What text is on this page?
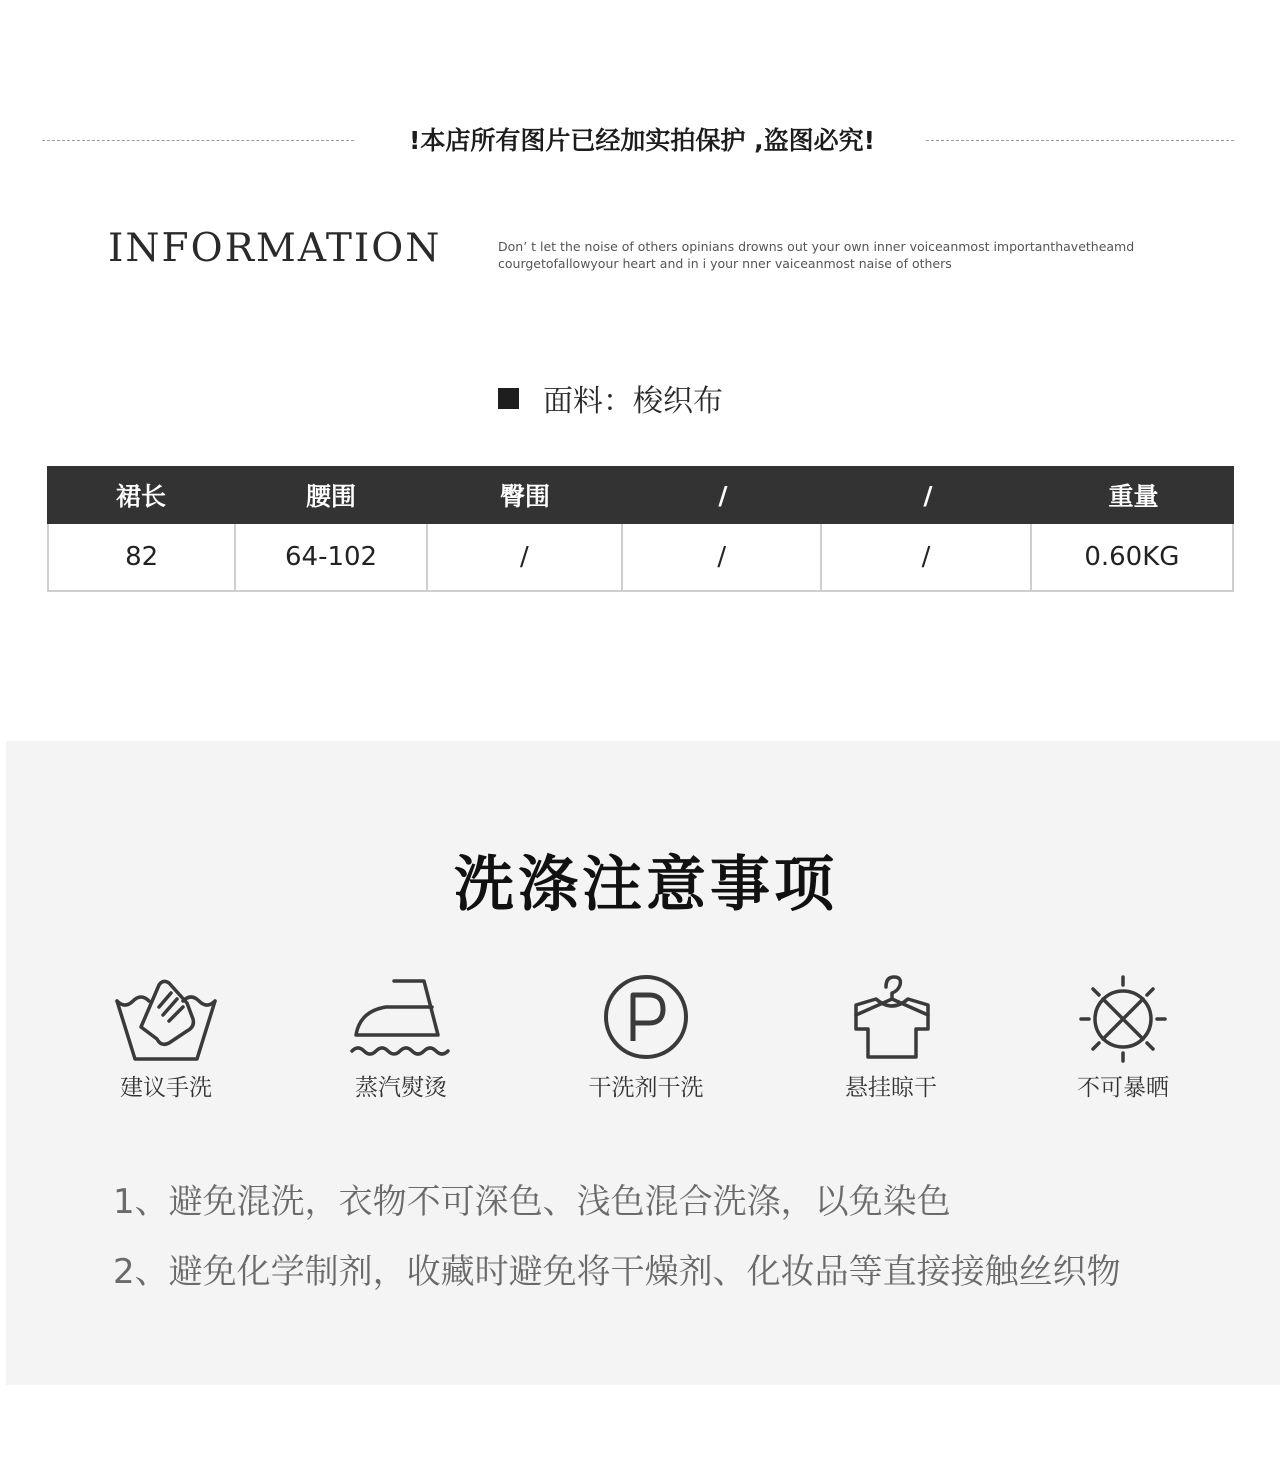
!本店所有图片已经加实拍保护 ,盗图必究!
INFORMATION	Don’ t let the noise of others opinians drowns out your own inner voiceanmost importanthavetheamd
courgetofallowyour heart and in i your nner vaiceanmost naise of others
面料：梭织布
裙长	腰围	臀围	/	/	重量
82	64-102	/	/	/	0.60KG
洗涤注意事项
建议手洗	蒸汽熨烫	干洗剂干洗	悬挂晾干	不可暴晒
1、避免混洗，衣物不可深色、浅色混合洗涤，以免染色
2、避免化学制剂，收藏时避免将干燥剂、化妆品等直接接触丝织物
